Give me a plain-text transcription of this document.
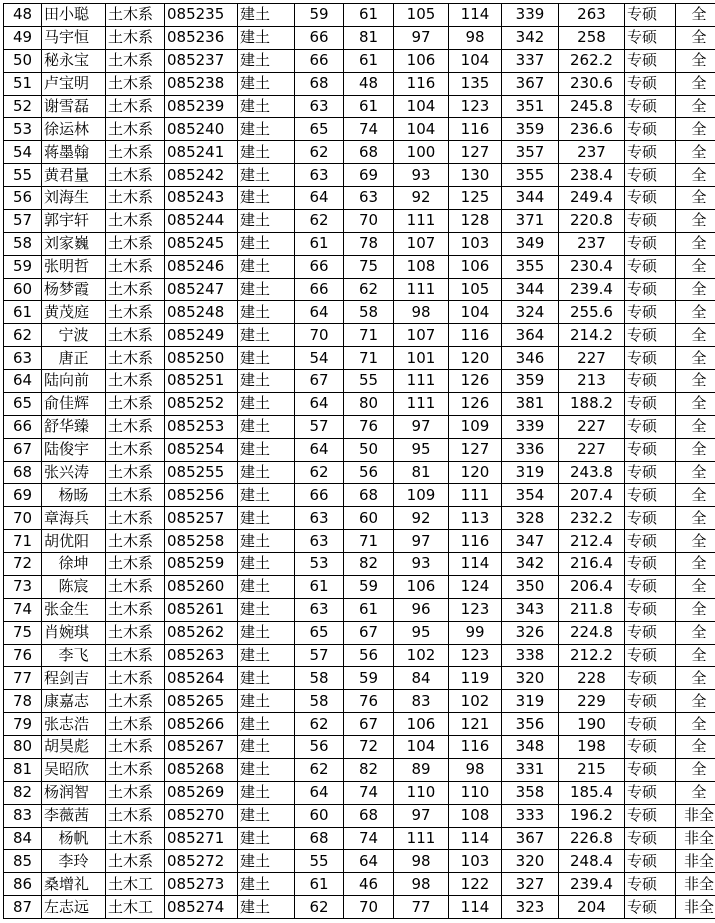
48	田小聪	土木系	085235	建土	59	61	105	114	339	263	专硕	全
49	马宇恒	土木系	085236	建土	66	81	97	98	342	258	专硕	全
50	秘永宝	土木系	085237	建土	66	61	106	104	337	262.2	专硕	全
51	卢宝明	土木系	085238	建土	68	48	116	135	367	230.6	专硕	全
52	谢雪磊	土木系	085239	建土	63	61	104	123	351	245.8	专硕	全
53	徐运林	土木系	085240	建土	65	74	104	116	359	236.6	专硕	全
54	蒋墨翰	土木系	085241	建土	62	68	100	127	357	237	专硕	全
55	黄君量	土木系	085242	建土	63	69	93	130	355	238.4	专硕	全
56	刘海生	土木系	085243	建土	64	63	92	125	344	249.4	专硕	全
57	郭宇轩	土木系	085244	建土	62	70	111	128	371	220.8	专硕	全
58	刘家巍	土木系	085245	建土	61	78	107	103	349	237	专硕	全
59	张明哲	土木系	085246	建土	66	75	108	106	355	230.4	专硕	全
60	杨梦霞	土木系	085247	建土	66	62	111	105	344	239.4	专硕	全
61	黄茂庭	土木系	085248	建土	64	58	98	104	324	255.6	专硕	全
62	宁波	土木系	085249	建土	70	71	107	116	364	214.2	专硕	全
63	唐正	土木系	085250	建土	54	71	101	120	346	227	专硕	全
64	陆向前	土木系	085251	建土	67	55	111	126	359	213	专硕	全
65	俞佳辉	土木系	085252	建土	64	80	111	126	381	188.2	专硕	全
66	舒华臻	土木系	085253	建土	57	76	97	109	339	227	专硕	全
67	陆俊宇	土木系	085254	建土	64	50	95	127	336	227	专硕	全
68	张兴涛	土木系	085255	建土	62	56	81	120	319	243.8	专硕	全
69	杨旸	土木系	085256	建土	66	68	109	111	354	207.4	专硕	全
70	章海兵	土木系	085257	建土	63	60	92	113	328	232.2	专硕	全
71	胡优阳	土木系	085258	建土	63	71	97	116	347	212.4	专硕	全
72	徐坤	土木系	085259	建土	53	82	93	114	342	216.4	专硕	全
73	陈宸	土木系	085260	建土	61	59	106	124	350	206.4	专硕	全
74	张金生	土木系	085261	建土	63	61	96	123	343	211.8	专硕	全
75	肖婉琪	土木系	085262	建土	65	67	95	99	326	224.8	专硕	全
76	李飞	土木系	085263	建土	57	56	102	123	338	212.2	专硕	全
77	程剑吉	土木系	085264	建土	58	59	84	119	320	228	专硕	全
78	康嘉志	土木系	085265	建土	58	76	83	102	319	229	专硕	全
79	张志浩	土木系	085266	建土	62	67	106	121	356	190	专硕	全
80	胡昊彪	土木系	085267	建土	56	72	104	116	348	198	专硕	全
81	吴昭欣	土木系	085268	建土	62	82	89	98	331	215	专硕	全
82	杨润智	土木系	085269	建土	64	74	110	110	358	185.4	专硕	全
83	李薇茜	土木系	085270	建土	60	68	97	108	333	196.2	专硕	非全
84	杨帆	土木系	085271	建土	68	74	111	114	367	226.8	专硕	非全
85	李玲	土木系	085272	建土	55	64	98	103	320	248.4	专硕	非全
86	桑增礼	土木工	085273	建土	61	46	98	122	327	239.4	专硕	非全
87	左志远	土木工	085274	建土	62	70	77	114	323	204	专硕	非全
